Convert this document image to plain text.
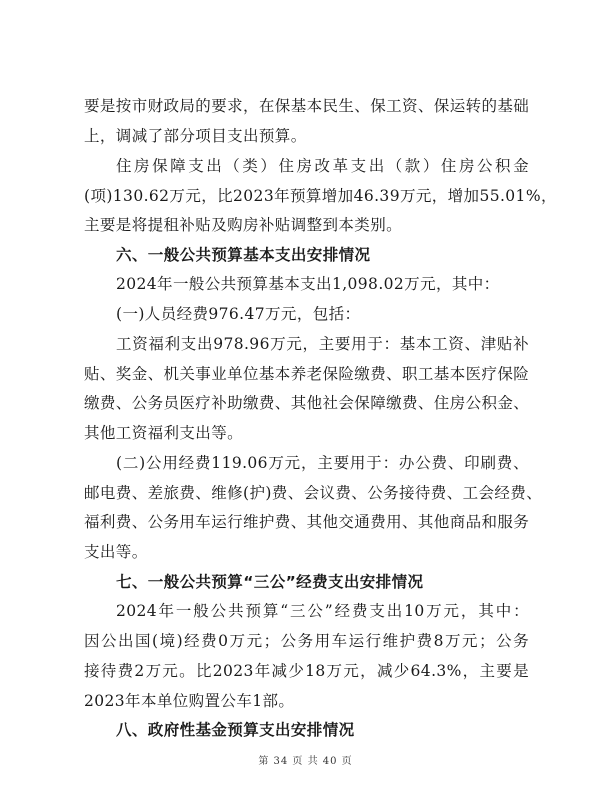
要是按市财政局的要求，在保基本民生、保工资、保运转的基础
上，调减了部分项目支出预算。
住房保障支出（类）住房改革支出（款）住房公积金
(项)130.62万元，比2023年预算增加46.39万元，增加55.01%，
主要是将提租补贴及购房补贴调整到本类别。
六、一般公共预算基本支出安排情况
2024年一般公共预算基本支出1,098.02万元，其中：
(一)人员经费976.47万元，包括：
工资福利支出978.96万元，主要用于：基本工资、津贴补
贴、奖金、机关事业单位基本养老保险缴费、职工基本医疗保险
缴费、公务员医疗补助缴费、其他社会保障缴费、住房公积金、
其他工资福利支出等。
(二)公用经费119.06万元，主要用于：办公费、印刷费、
邮电费、差旅费、维修(护)费、会议费、公务接待费、工会经费、
福利费、公务用车运行维护费、其他交通费用、其他商品和服务
支出等。
七、一般公共预算“三公”经费支出安排情况
2024年一般公共预算“三公”经费支出10万元，其中：
因公出国(境)经费0万元；公务用车运行维护费8万元；公务
接待费2万元。比2023年减少18万元，减少64.3%，主要是
2023年本单位购置公车1部。
八、政府性基金预算支出安排情况
第 34 页 共 40 页
